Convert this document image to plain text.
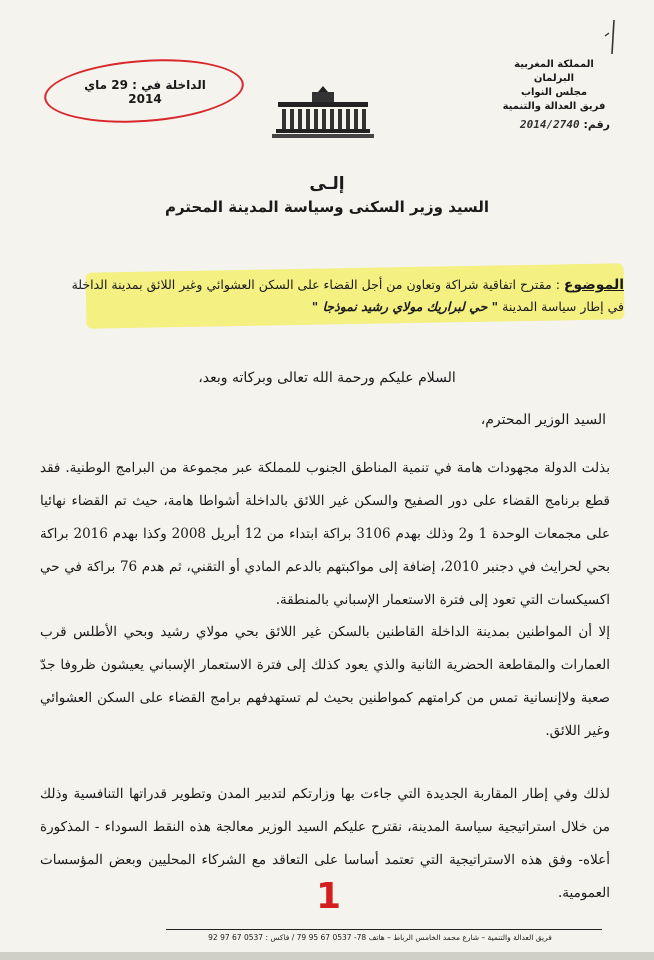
المملكة المغربية
البرلمان
مجلس النواب
فريق العدالة والتنمية
رقم: 2014/2740
الداخلة في : 29 ماي 2014
إلـى
السيد وزير السكنى وسياسة المدينة المحترم
الموضوع : مقترح اتفاقية شراكة وتعاون من أجل القضاء على السكن العشوائي وغير اللائق بمدينة الداخلة في إطار سياسة المدينة " حي لبراريك مولاي رشيد نموذجا "
السلام عليكم ورحمة الله تعالى وبركاته وبعد،
السيد الوزير المحترم،
بذلت الدولة مجهودات هامة في تنمية المناطق الجنوب للمملكة عبر مجموعة من البرامج الوطنية. فقد قطع برنامج القضاء على دور الصفيح والسكن غير اللائق بالداخلة أشواطا هامة، حيث تم القضاء نهائيا على مجمعات الوحدة 1 و2 وذلك بهدم 3106 براكة ابتداء من 12 أبريل 2008 وكذا بهدم 2016 براكة بحي لحرايث في دجنبر 2010، إضافة إلى مواكبتهم بالدعم المادي أو التقني، ثم هدم 76 براكة في حي اكسيكسات التي تعود إلى فترة الاستعمار الإسباني بالمنطقة.
إلا أن المواطنين بمدينة الداخلة القاطنين بالسكن غير اللائق بحي مولاي رشيد وبحي الأطلس قرب العمارات والمقاطعة الحضرية الثانية والذي يعود كذلك إلى فترة الاستعمار الإسباني يعيشون ظروفا جدّ صعبة ولاإنسانية تمس من كرامتهم كمواطنين بحيث لم تستهدفهم برامج القضاء على السكن العشوائي وغير اللائق.
لذلك وفي إطار المقاربة الجديدة التي جاءت بها وزارتكم لتدبير المدن وتطوير قدراتها التنافسية وذلك من خلال استراتيجية سياسة المدينة، نقترح عليكم السيد الوزير معالجة هذه النقط السوداء - المذكورة أعلاه- وفق هذه الاستراتيجية التي تعتمد أساسا على التعاقد مع الشركاء المحليين وبعض المؤسسات العمومية.
1
فريق العدالة والتنمية – شارع محمد الخامس الرباط – هاتف 78- 0537 67 95 79 / فاكس : 0537 67 97 92
